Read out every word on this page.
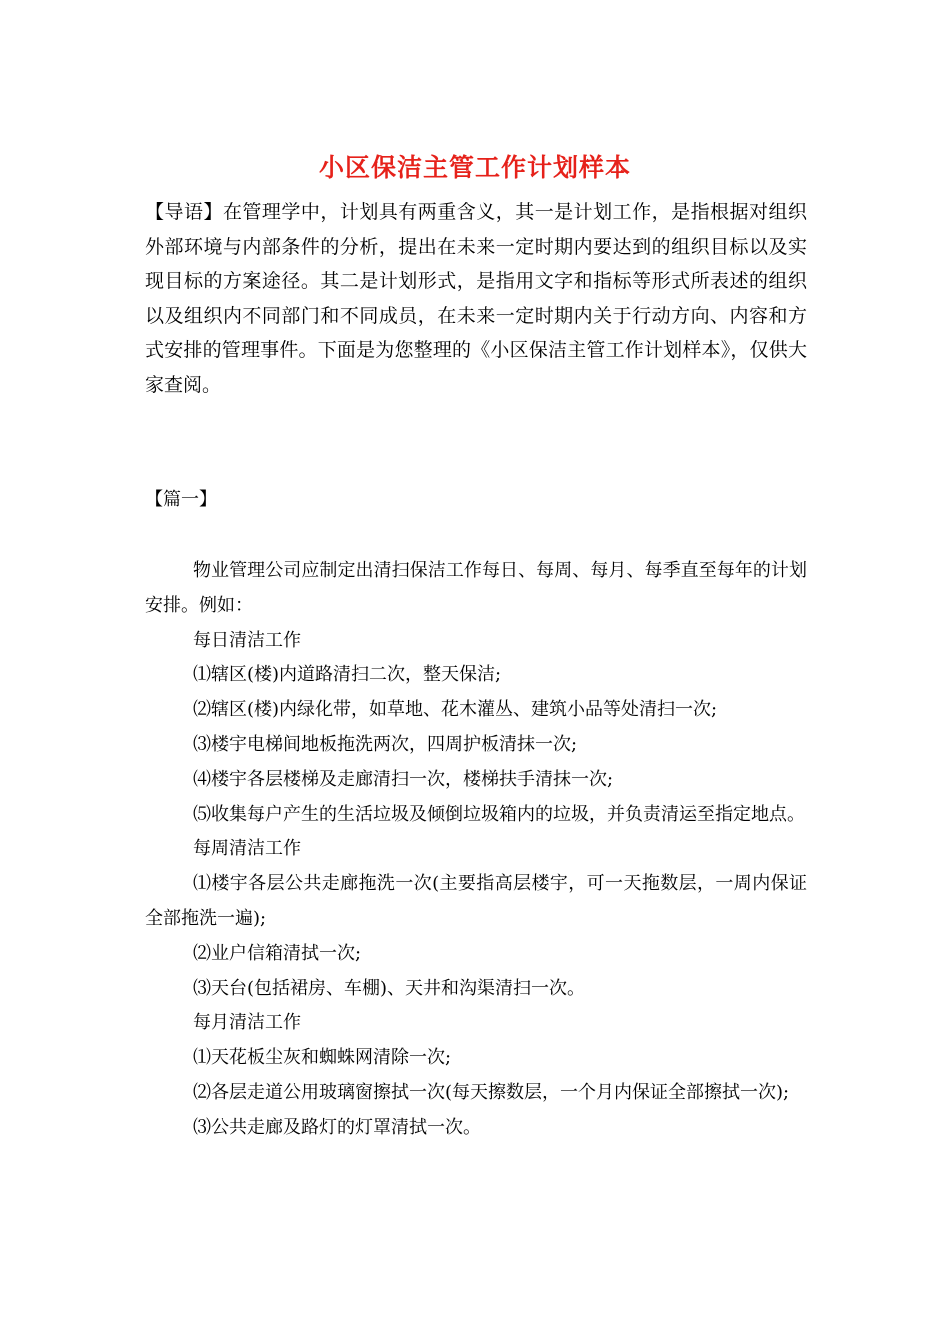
小区保洁主管工作计划样本

【导语】在管理学中，计划具有两重含义，其一是计划工作，是指根据对组织外部环境与内部条件的分析，提出在未来一定时期内要达到的组织目标以及实现目标的方案途径。其二是计划形式，是指用文字和指标等形式所表述的组织以及组织内不同部门和不同成员，在未来一定时期内关于行动方向、内容和方式安排的管理事件。下面是为您整理的《小区保洁主管工作计划样本》，仅供大家查阅。

【篇一】

物业管理公司应制定出清扫保洁工作每日、每周、每月、每季直至每年的计划安排。例如：

每日清洁工作

⑴辖区(楼)内道路清扫二次，整天保洁;

⑵辖区(楼)内绿化带，如草地、花木灌丛、建筑小品等处清扫一次;

⑶楼宇电梯间地板拖洗两次，四周护板清抹一次;

⑷楼宇各层楼梯及走廊清扫一次，楼梯扶手清抹一次;

⑸收集每户产生的生活垃圾及倾倒垃圾箱内的垃圾，并负责清运至指定地点。

每周清洁工作

⑴楼宇各层公共走廊拖洗一次(主要指高层楼宇，可一天拖数层，一周内保证全部拖洗一遍);

⑵业户信箱清拭一次;

⑶天台(包括裙房、车棚)、天井和沟渠清扫一次。

每月清洁工作

⑴天花板尘灰和蜘蛛网清除一次;

⑵各层走道公用玻璃窗擦拭一次(每天擦数层，一个月内保证全部擦拭一次);

⑶公共走廊及路灯的灯罩清拭一次。
